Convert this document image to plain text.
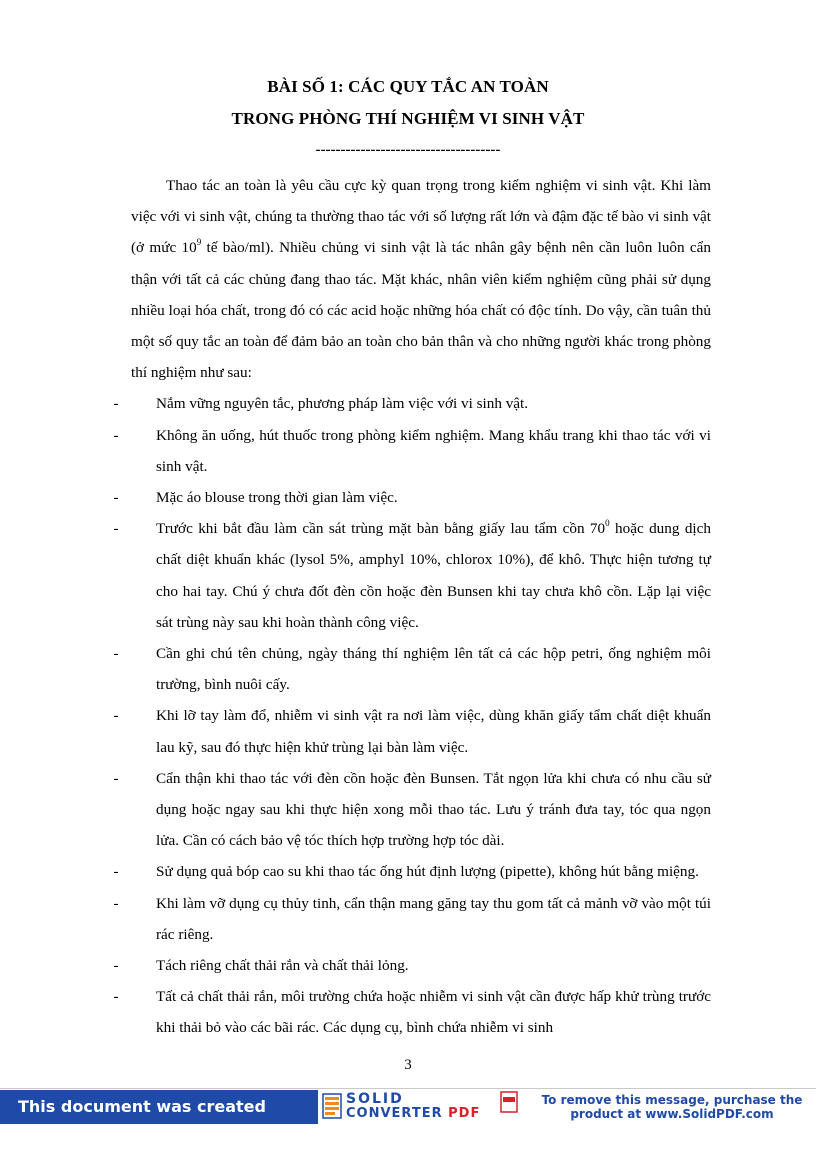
BÀI SỐ 1: CÁC QUY TẮC AN TOÀN
TRONG PHÒNG THÍ NGHIỆM VI SINH VẬT
-------------------------------------

Thao tác an toàn là yêu cầu cực kỳ quan trọng trong kiểm nghiệm vi sinh vật. Khi làm việc với vi sinh vật, chúng ta thường thao tác với số lượng rất lớn và đậm đặc tế bào vi sinh vật (ở mức $10^9$ tế bào/ml). Nhiều chủng vi sinh vật là tác nhân gây bệnh nên cần luôn luôn cẩn thận với tất cả các chủng đang thao tác. Mặt khác, nhân viên kiểm nghiệm cũng phải sử dụng nhiều loại hóa chất, trong đó có các acid hoặc những hóa chất có độc tính. Do vậy, cần tuân thủ một số quy tắc an toàn để đảm bảo an toàn cho bản thân và cho những người khác trong phòng thí nghiệm như sau:

-	Nắm vững nguyên tắc, phương pháp làm việc với vi sinh vật.
-	Không ăn uống, hút thuốc trong phòng kiểm nghiệm. Mang khẩu trang khi thao tác với vi sinh vật.
-	Mặc áo blouse trong thời gian làm việc.
-	Trước khi bắt đầu làm cần sát trùng mặt bàn bằng giấy lau tẩm cồn $70^0$ hoặc dung dịch chất diệt khuẩn khác (lysol 5%, amphyl 10%, chlorox 10%), để khô. Thực hiện tương tự cho hai tay. Chú ý chưa đốt đèn cồn hoặc đèn Bunsen khi tay chưa khô cồn. Lặp lại việc sát trùng này sau khi hoàn thành công việc.
-	Cần ghi chú tên chủng, ngày tháng thí nghiệm lên tất cả các hộp petri, ống nghiệm môi trường, bình nuôi cấy.
-	Khi lỡ tay làm đổ, nhiễm vi sinh vật ra nơi làm việc, dùng khăn giấy tẩm chất diệt khuẩn lau kỹ, sau đó thực hiện khử trùng lại bàn làm việc.
-	Cẩn thận khi thao tác với đèn cồn hoặc đèn Bunsen. Tắt ngọn lửa khi chưa có nhu cầu sử dụng hoặc ngay sau khi thực hiện xong mỗi thao tác. Lưu ý tránh đưa tay, tóc qua ngọn lửa. Cần có cách bảo vệ tóc thích hợp trường hợp tóc dài.
-	Sử dụng quả bóp cao su khi thao tác ống hút định lượng (pipette), không hút bằng miệng.
-	Khi làm vỡ dụng cụ thủy tinh, cẩn thận mang găng tay thu gom tất cả mảnh vỡ vào một túi rác riêng.
-	Tách riêng chất thải rắn và chất thải lỏng.
-	Tất cả chất thải rắn, môi trường chứa hoặc nhiễm vi sinh vật cần được hấp khử trùng trước khi thải bỏ vào các bãi rác. Các dụng cụ, bình chứa nhiễm vi sinh
3
This document was created using
SOLID
CONVERTER PDF
To remove this message, purchase the
product at www.SolidPDF.com
